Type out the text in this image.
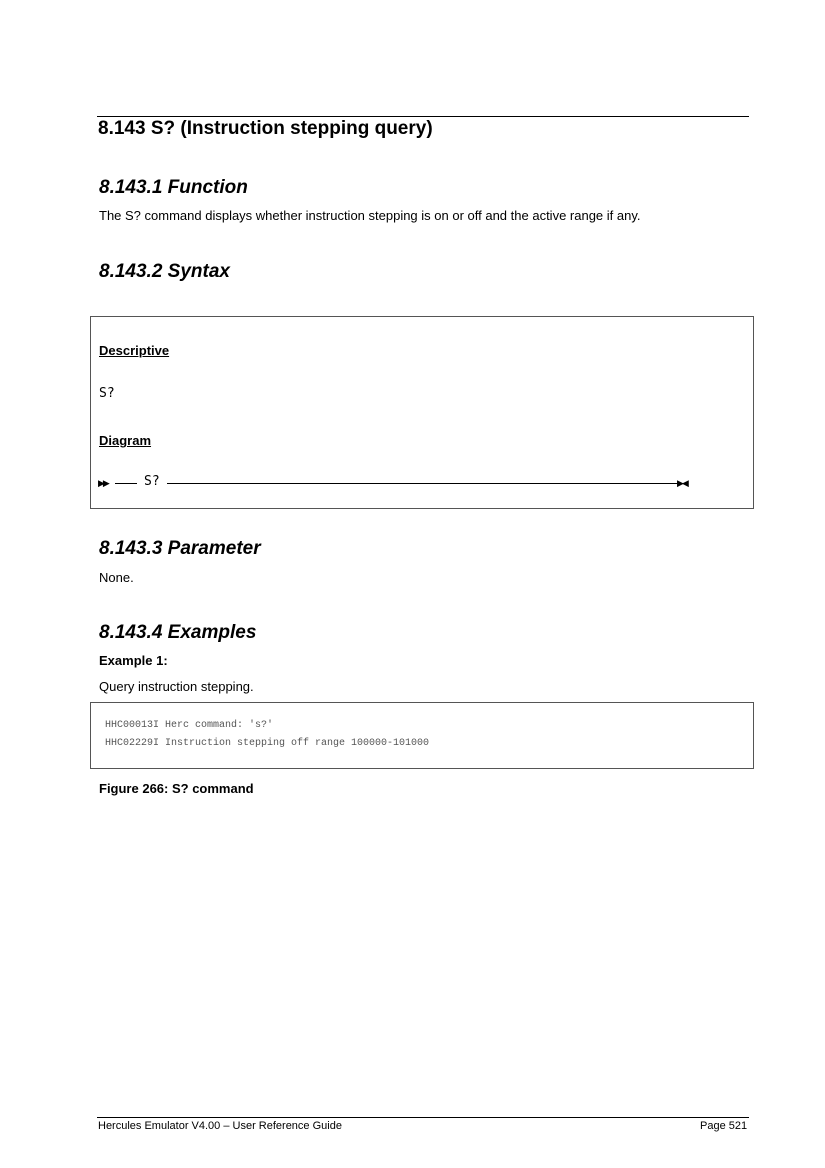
8.143 S? (Instruction stepping query)
8.143.1 Function
The S? command displays whether instruction stepping is on or off and the active range if any.
8.143.2 Syntax
Descriptive
S?
Diagram
▶▶	S?	▶◀
8.143.3 Parameter
None.
8.143.4 Examples
Example 1:
Query instruction stepping.
HHC00013I Herc command: 's?'
HHC02229I Instruction stepping off range 100000-101000
Figure 266: S? command
Hercules Emulator V4.00 – User Reference Guide	Page 521
